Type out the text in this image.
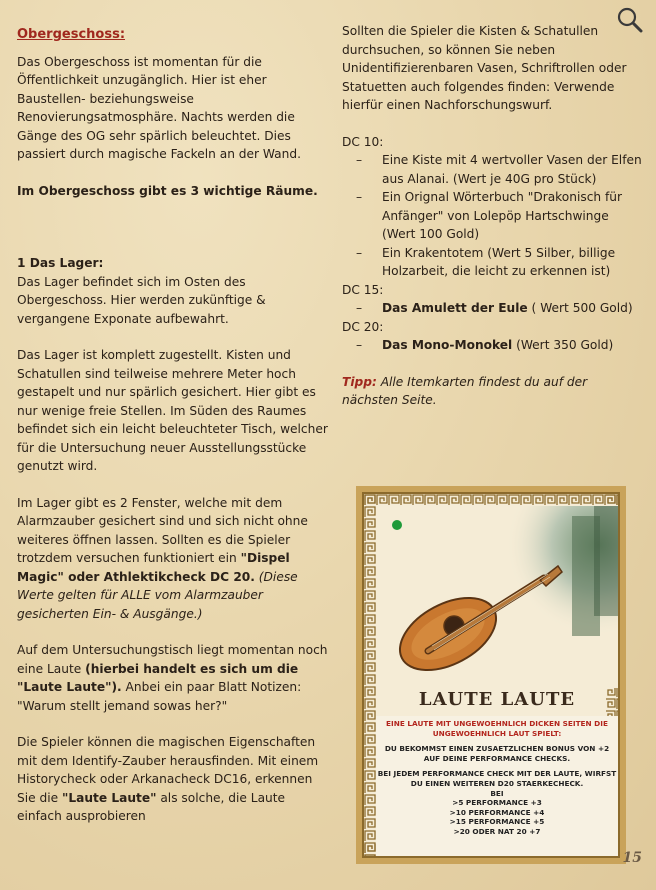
Obergeschoss:

Das Obergeschoss ist momentan für die Öffentlichkeit unzugänglich. Hier ist eher Baustellen- beziehungsweise Renovierungsatmosphäre. Nachts werden die Gänge des OG sehr spärlich beleuchtet. Dies passiert durch magische Fackeln an der Wand.

Im Obergeschoss gibt es 3 wichtige Räume.

1 Das Lager:

Das Lager befindet sich im Osten des Obergeschoss. Hier werden zukünftige & vergangene Exponate aufbewahrt.

Das Lager ist komplett zugestellt. Kisten und Schatullen sind teilweise mehrere Meter hoch gestapelt und nur spärlich gesichert. Hier gibt es nur wenige freie Stellen. Im Süden des Raumes befindet sich ein leicht beleuchteter Tisch, welcher für die Untersuchung neuer Ausstellungsstücke genutzt wird.

Im Lager gibt es 2 Fenster, welche mit dem Alarmzauber gesichert sind und sich nicht ohne weiteres öffnen lassen. Sollten es die Spieler trotzdem versuchen funktioniert ein "Dispel Magic" oder Athlektikcheck DC 20. (Diese Werte gelten für ALLE vom Alarmzauber gesicherten Ein- & Ausgänge.)

Auf dem Untersuchungstisch liegt momentan noch eine Laute (hierbei handelt es sich um die "Laute Laute"). Anbei ein paar Blatt Notizen: "Warum stellt jemand sowas her?"

Die Spieler können die magischen Eigenschaften mit dem Identify-Zauber herausfinden. Mit einem Historycheck oder Arkanacheck DC16, erkennen Sie die "Laute Laute" als solche, die Laute einfach ausprobieren

Sollten die Spieler die Kisten & Schatullen durchsuchen, so können Sie neben Unidentifizierenbaren Vasen, Schriftrollen oder Statuetten auch folgendes finden: Verwende hierfür einen Nachforschungswurf.

DC 10:
– Eine Kiste mit 4 wertvoller Vasen der Elfen aus Alanai. (Wert je 40G pro Stück)
– Ein Orignal Wörterbuch "Drakonisch für Anfänger" von Lolepöp Hartschwinge (Wert 100 Gold)
– Ein Krakentotem (Wert 5 Silber, billige Holzarbeit, die leicht zu erkennen ist)
DC 15:
– Das Amulett der Eule ( Wert 500 Gold)
DC 20:
– Das Mono-Monokel (Wert 350 Gold)
Tipp: Alle Itemkarten findest du auf der nächsten Seite.
LAUTE LAUTE
EINE LAUTE MIT UNGEWOEHNLICH DICKEN SEITEN DIE UNGEWOEHNLICH LAUT SPIELT:
DU BEKOMMST EINEN ZUSAETZLICHEN BONUS VON +2 AUF DEINE PERFORMANCE CHECKS.
BEI JEDEM PERFORMANCE CHECK MIT DER LAUTE, WIRFST DU EINEN WEITEREN D20 STAERKECHECK.
BEI
>5 PERFORMANCE +3
>10 PERFORMANCE +4
>15 PERFORMANCE +5
>20 ODER NAT 20 +7
15
